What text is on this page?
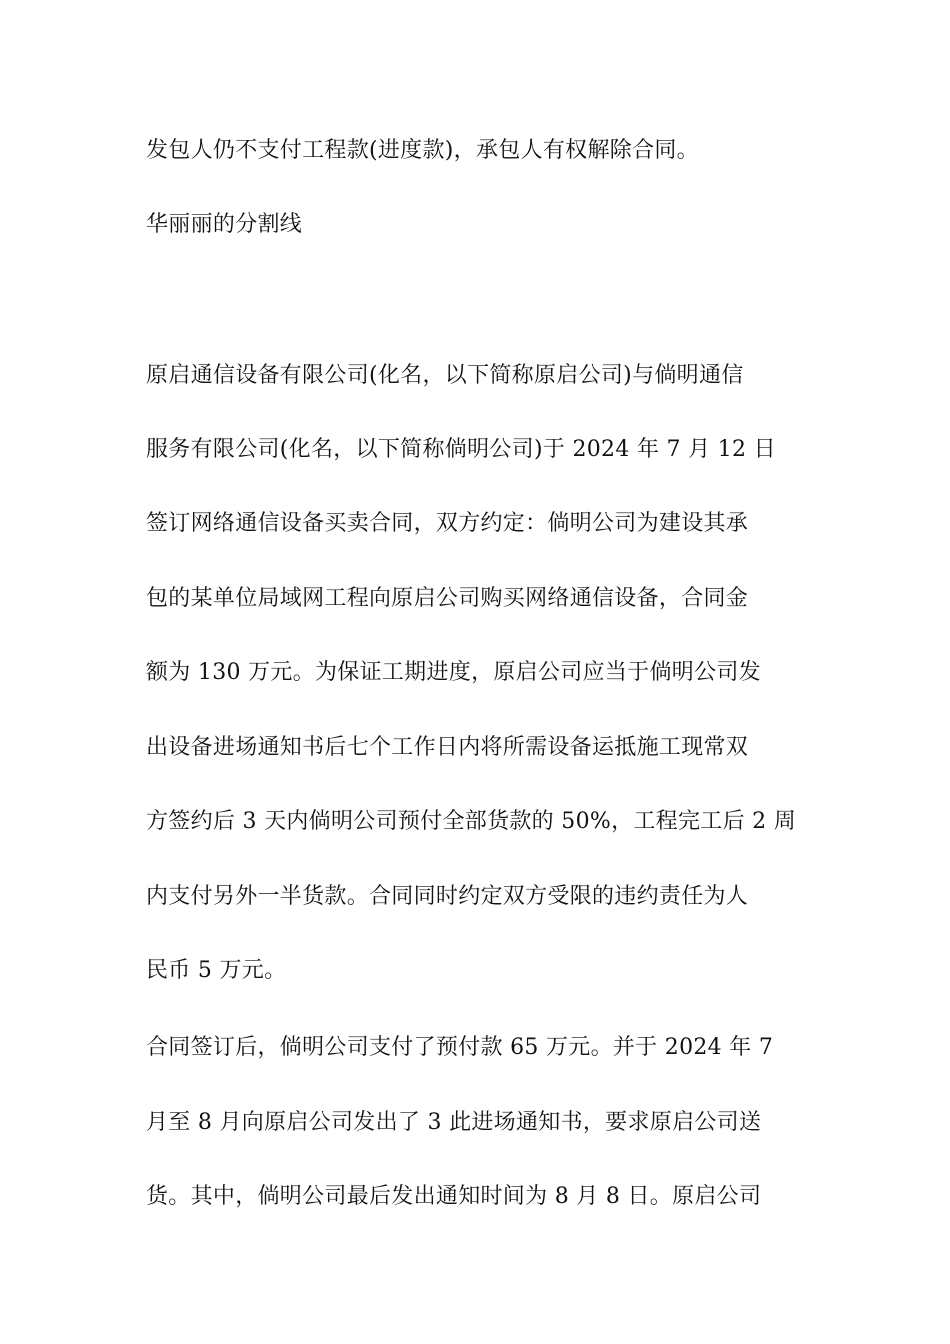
发包人仍不支付工程款(进度款)，承包人有权解除合同。

华丽丽的分割线

原启通信设备有限公司(化名，以下简称原启公司)与倘明通信

服务有限公司(化名，以下简称倘明公司)于 2024 年 7 月 12 日

签订网络通信设备买卖合同，双方约定：倘明公司为建设其承

包的某单位局域网工程向原启公司购买网络通信设备，合同金

额为 130 万元。为保证工期进度，原启公司应当于倘明公司发

出设备进场通知书后七个工作日内将所需设备运抵施工现常双

方签约后 3 天内倘明公司预付全部货款的 50%，工程完工后 2 周

内支付另外一半货款。合同同时约定双方受限的违约责任为人

民币 5 万元。

合同签订后，倘明公司支付了预付款 65 万元。并于 2024 年 7

月至 8 月向原启公司发出了 3 此进场通知书，要求原启公司送

货。其中，倘明公司最后发出通知时间为 8 月 8 日。原启公司
